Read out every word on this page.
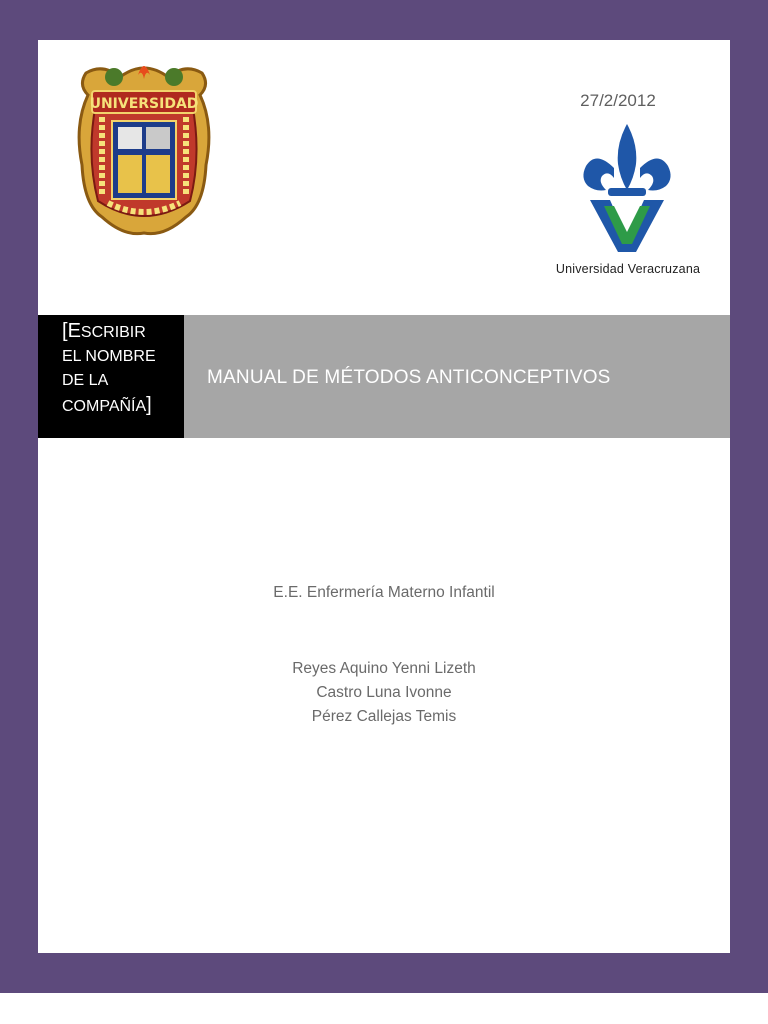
UNIVERSIDAD	27/2/2012
Universidad Veracruzana
[ESCRIBIR
EL NOMBRE
DE LA
COMPAÑÍA]
MANUAL DE MÉTODOS ANTICONCEPTIVOS
E.E. Enfermería Materno Infantil
Reyes Aquino Yenni Lizeth
Castro Luna Ivonne
Pérez Callejas Temis
